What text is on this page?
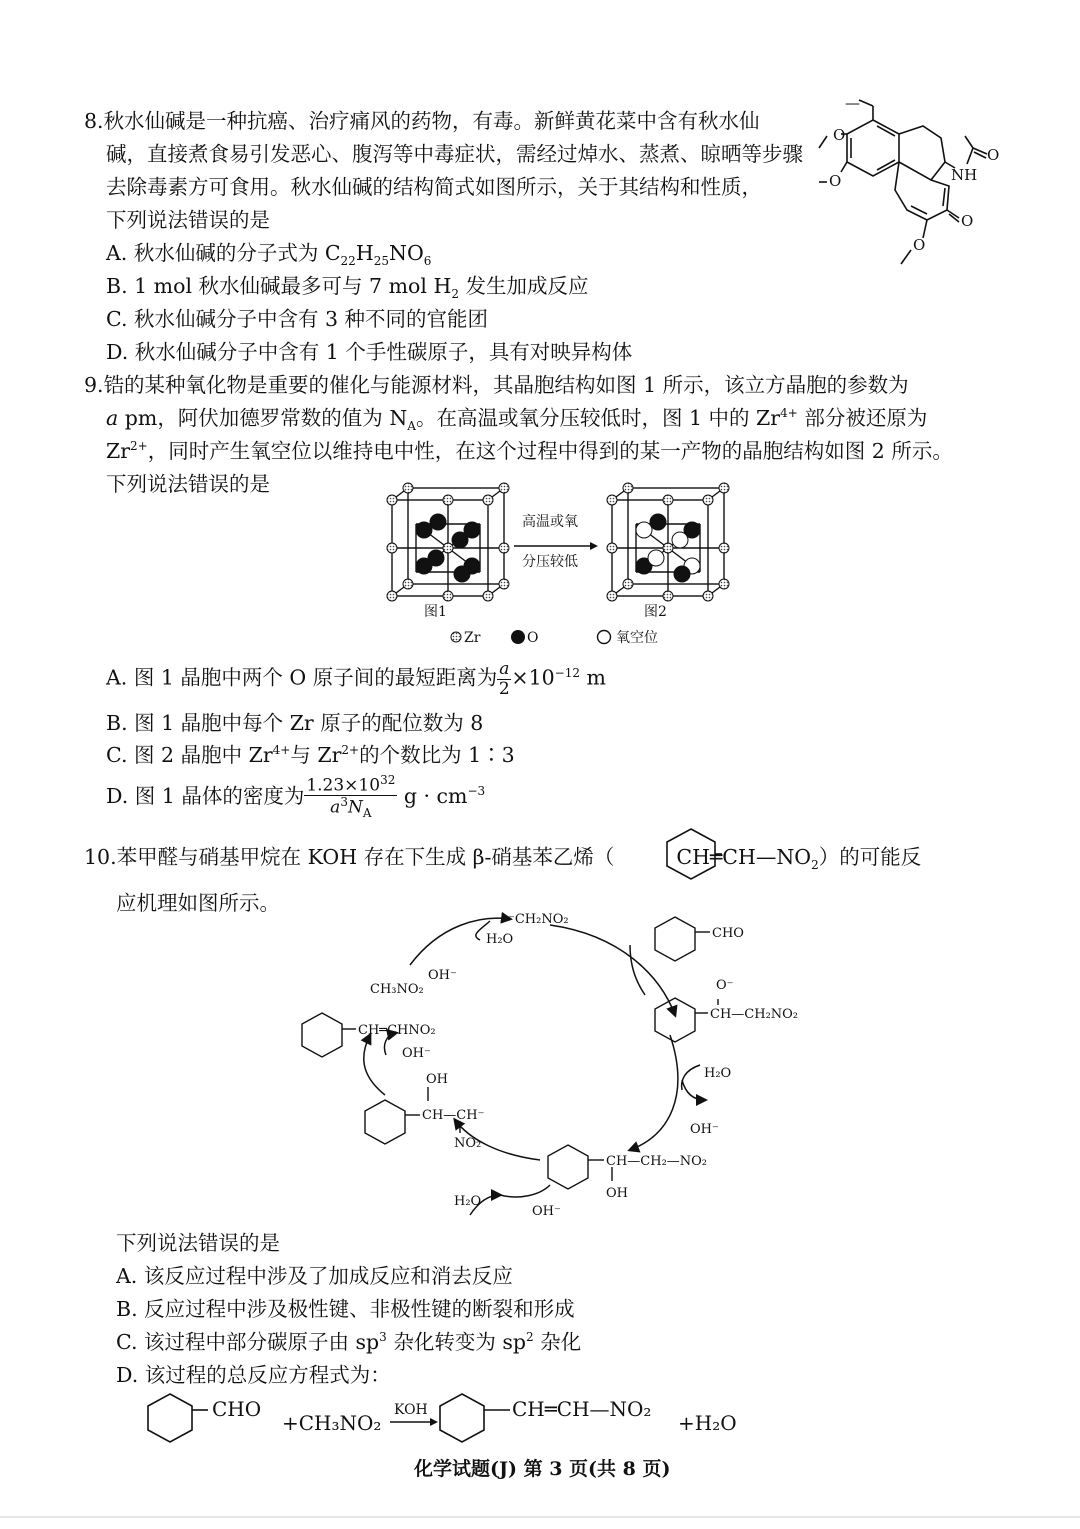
8.秋水仙碱是一种抗癌、治疗痛风的药物，有毒。新鲜黄花菜中含有秋水仙
碱，直接煮食易引发恶心、腹泻等中毒症状，需经过焯水、蒸煮、晾晒等步骤
去除毒素方可食用。秋水仙碱的结构简式如图所示，关于其结构和性质，
下列说法错误的是
A. 秋水仙碱的分子式为 $C_{22}H_{25}NO_6$
B. 1 mol 秋水仙碱最多可与 7 mol $H_2$ 发生加成反应
C. 秋水仙碱分子中含有 3 种不同的官能团
D. 秋水仙碱分子中含有 1 个手性碳原子，具有对映异构体
O
O
—
NH
O
O
O
9.锆的某种氧化物是重要的催化与能源材料，其晶胞结构如图 1 所示，该立方晶胞的参数为
a pm，阿伏加德罗常数的值为 $N_A$。在高温或氧分压较低时，图 1 中的 $Zr^{4+}$ 部分被还原为
$Zr^{2+}$，同时产生氧空位以维持电中性，在这个过程中得到的某一产物的晶胞结构如图 2 所示。
下列说法错误的是
高温或氧
分压较低
图1	图2
Zr	O	氧空位
A. 图 1 晶胞中两个 O 原子间的最短距离为 $\frac{a}{2} \times 10^{-12}$ m
B. 图 1 晶胞中每个 Zr 原子的配位数为 8
C. 图 2 晶胞中 $Zr^{4+}$与 $Zr^{2+}$的个数比为 1∶3
D. 图 1 晶体的密度为 $\frac{1.23\times 10^{32}}{a^3N_A}$ $g \cdot cm^{-3}$
10.苯甲醛与硝基甲烷在 KOH 存在下生成 β-硝基苯乙烯（	$CH═CH—NO_2$）的可能反
应机理如图所示。
⁻CH₂NO₂
H₂O
CH₃NO₂
OH⁻
CHO
O⁻
CH—CH₂NO₂
H₂O
OH⁻
CH—CH₂—NO₂
OH
H₂O
OH⁻
OH
CH—CH⁻
NO₂
CH═CHNO₂
OH⁻
下列说法错误的是
A. 该反应过程中涉及了加成反应和消去反应
B. 反应过程中涉及极性键、非极性键的断裂和形成
C. 该过程中部分碳原子由 $sp^3$ 杂化转变为 $sp^2$ 杂化
D. 该过程的总反应方程式为：
CHO
+CH₃NO₂
KOH	CH═CH—NO₂
+H₂O
化学试题(J) 第 3 页(共 8 页)
